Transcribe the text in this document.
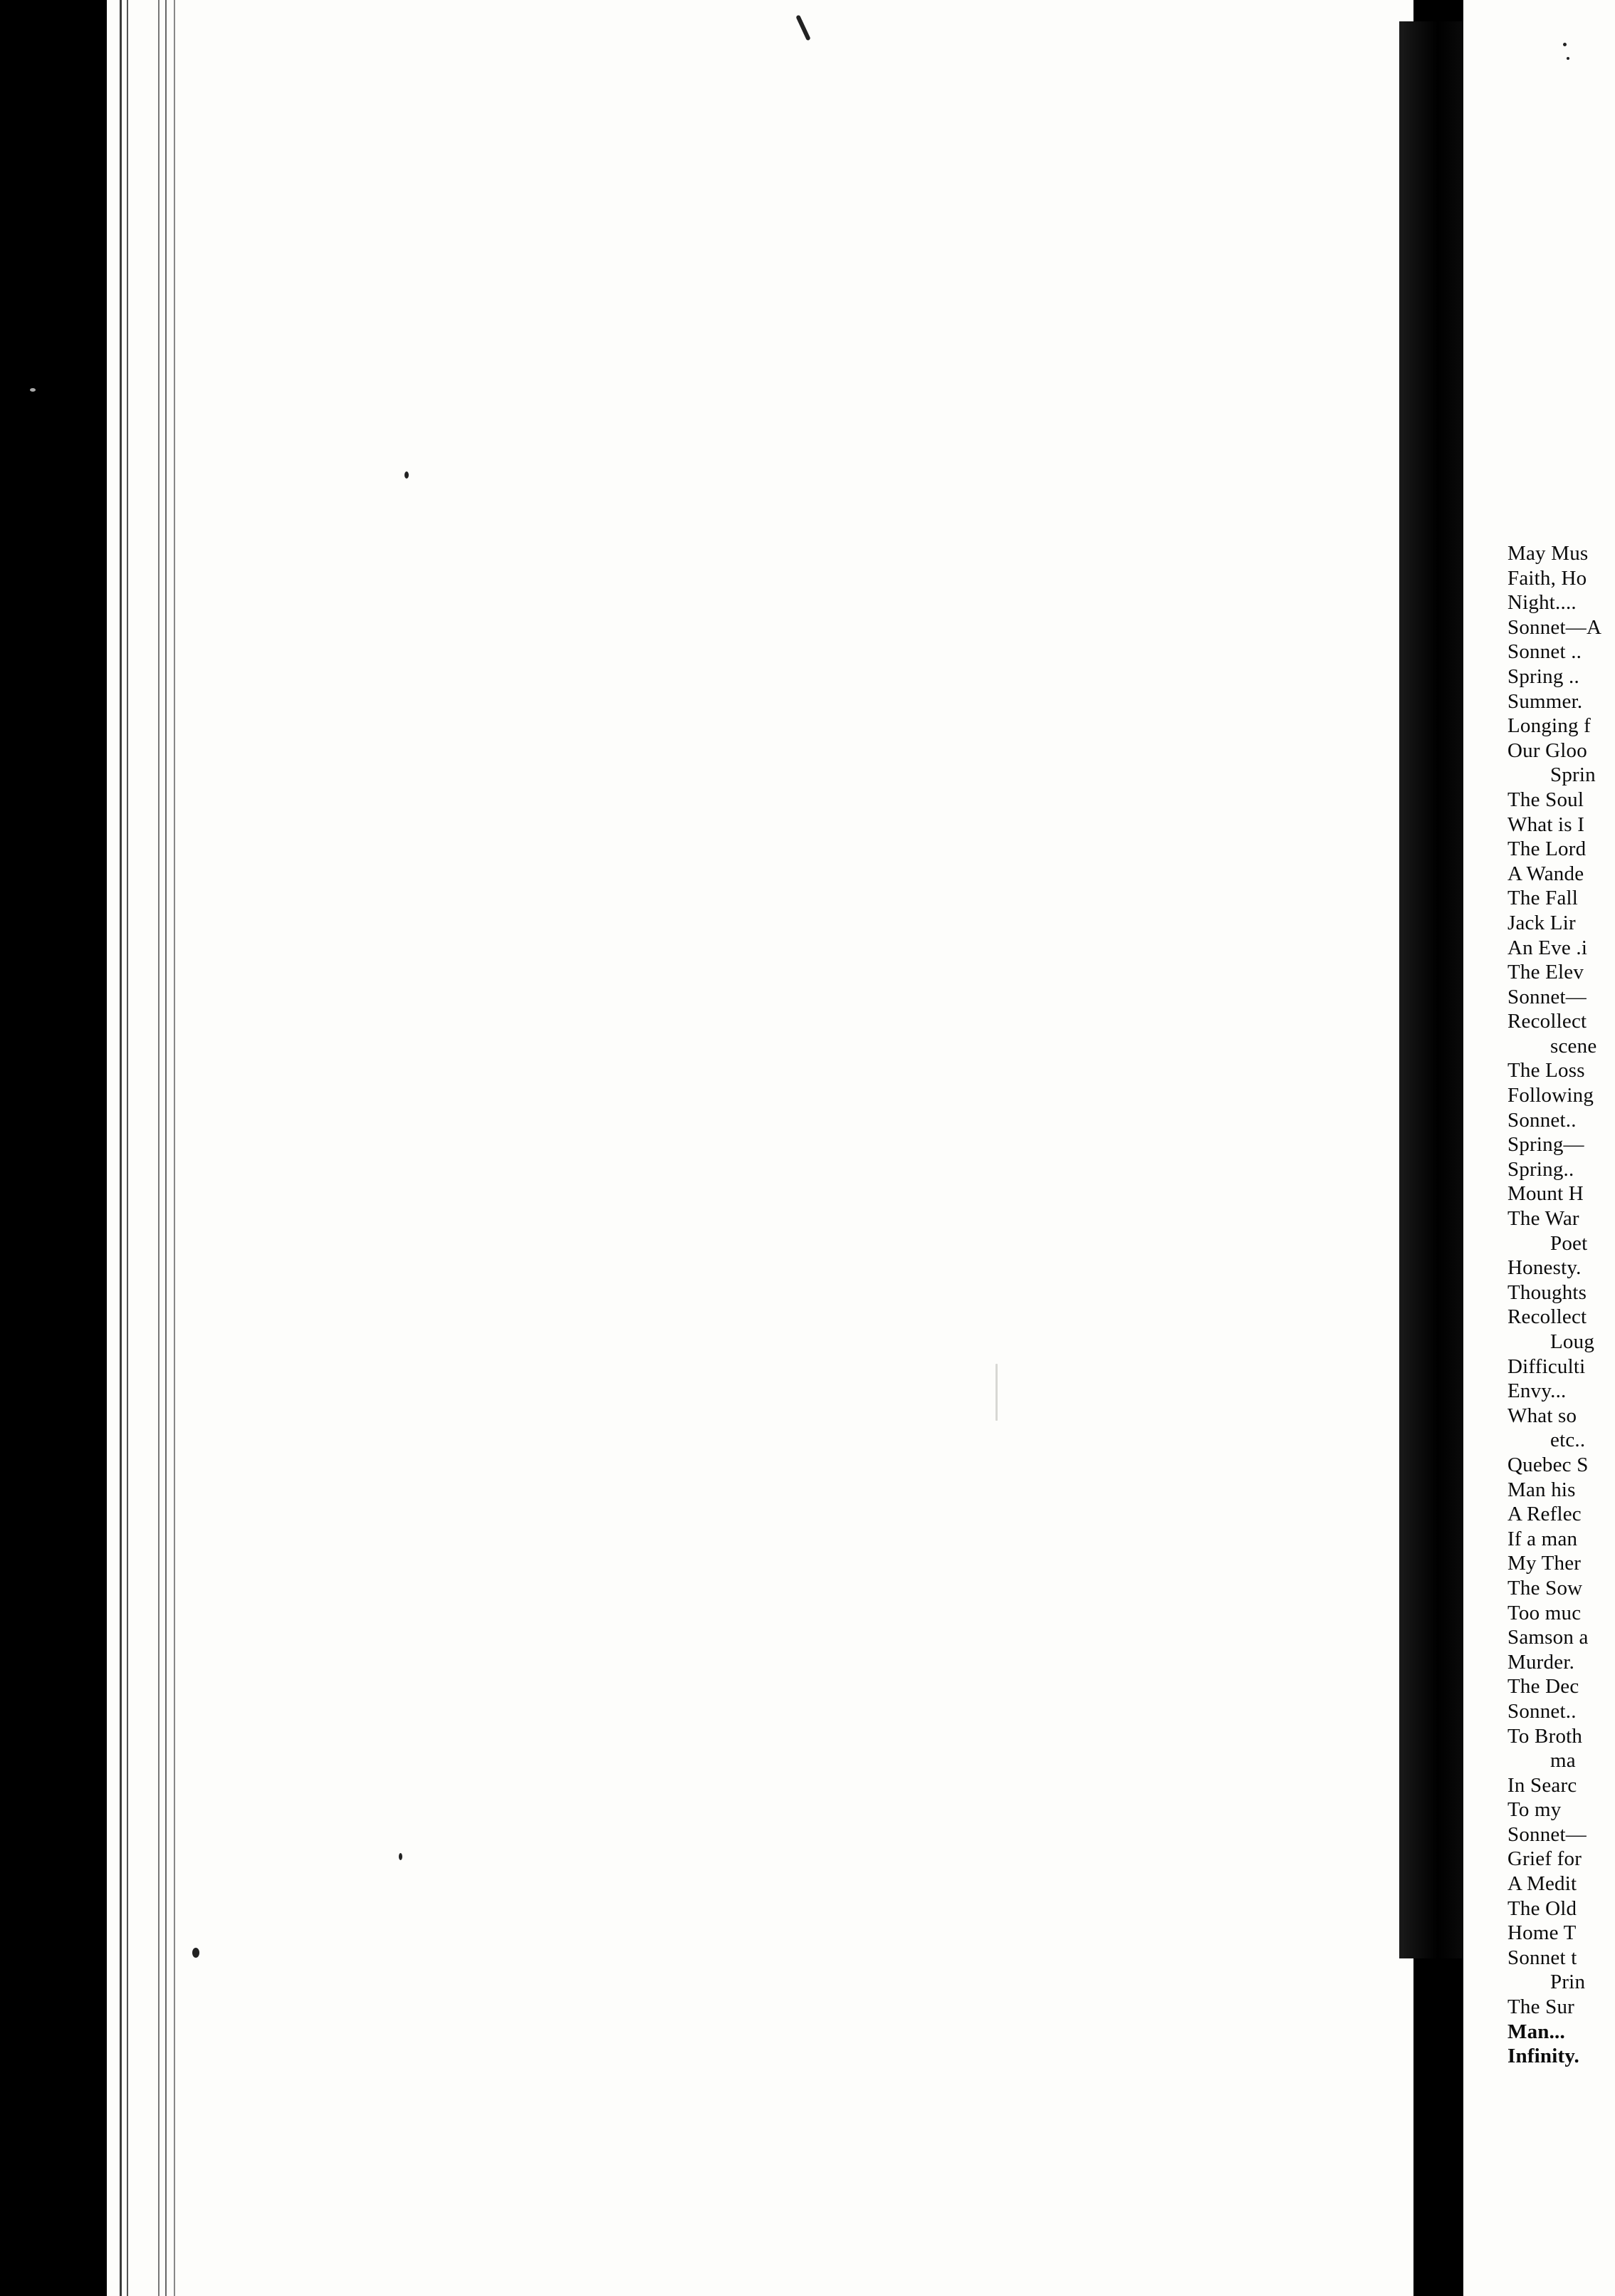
May Mus
Faith, Ho
Night....
Sonnet—A
Sonnet ..
Spring ..
Summer.
Longing f
Our Gloo
Sprin
The Soul
What is I
The Lord
A Wande
The Fall
Jack Lir
An Eve .i
The Elev
Sonnet—
Recollect
scene
The Loss
Following
Sonnet..
Spring—
Spring..
Mount H
The War
Poet
Honesty.
Thoughts
Recollect
Loug
Difficulti
Envy...
What so
etc..
Quebec S
Man his
A Reflec
If a man
My Ther
The Sow
Too muc
Samson a
Murder.
The Dec
Sonnet..
To Broth
ma
In Searc
To my
Sonnet—
Grief for
A Medit
The Old
Home T
Sonnet t
Prin
The Sur
Man...
Infinity.
